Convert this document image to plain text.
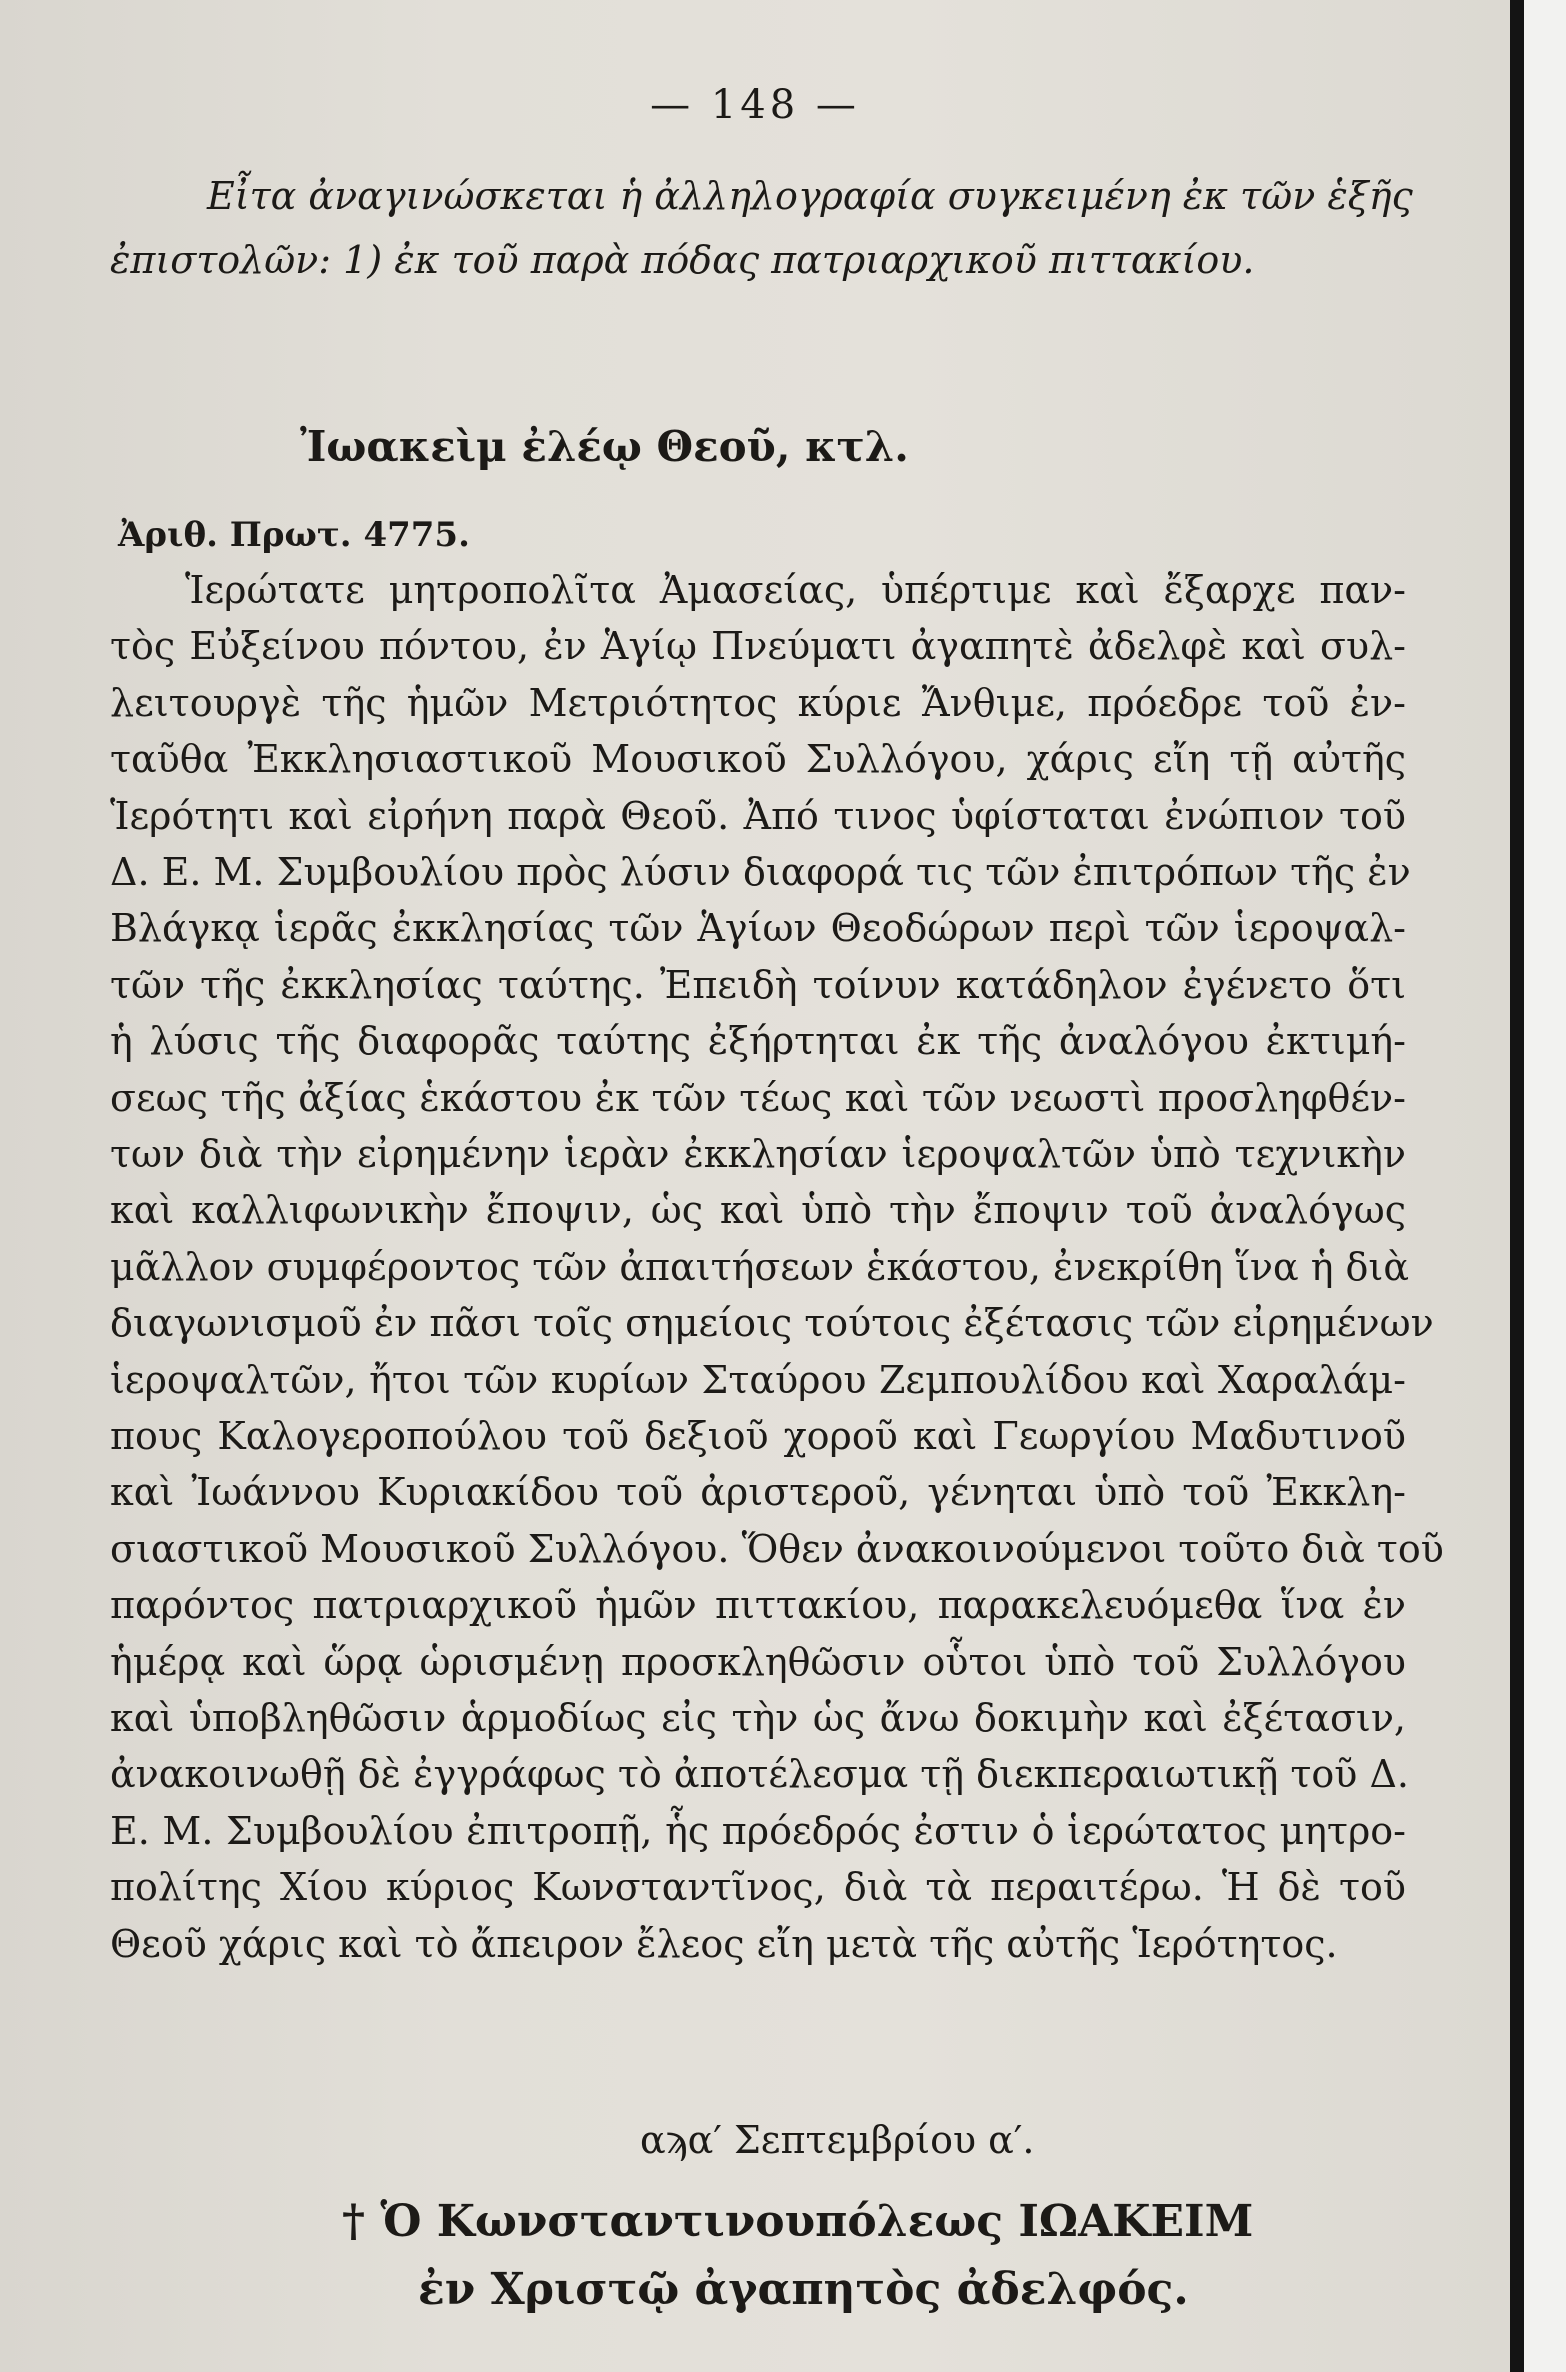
— 148 —
Εἶτα ἀναγινώσκεται ἡ ἀλληλογραφία συγκειμένη ἐκ τῶν ἑξῆς
ἐπιστολῶν: 1) ἐκ τοῦ παρὰ πόδας πατριαρχικοῦ πιττακίου.
Ἰωακεὶμ ἐλέῳ Θεοῦ, κτλ.
Ἀριθ. Πρωτ. 4775.
Ἱερώτατε μητροπολῖτα Ἀμασείας, ὑπέρτιμε καὶ ἔξαρχε παν-
τὸς Εὐξείνου πόντου, ἐν Ἁγίῳ Πνεύματι ἀγαπητὲ ἀδελφὲ καὶ συλ-
λειτουργὲ τῆς ἡμῶν Μετριότητος κύριε Ἄνθιμε, πρόεδρε τοῦ ἐν-
ταῦθα Ἐκκλησιαστικοῦ Μουσικοῦ Συλλόγου, χάρις εἴη τῇ αὐτῆς
Ἱερότητι καὶ εἰρήνη παρὰ Θεοῦ. Ἀπό τινος ὑφίσταται ἐνώπιον τοῦ
Δ. Ε. Μ. Συμβουλίου πρὸς λύσιν διαφορά τις τῶν ἐπιτρόπων τῆς ἐν
Βλάγκᾳ ἱερᾶς ἐκκλησίας τῶν Ἁγίων Θεοδώρων περὶ τῶν ἱεροψαλ-
τῶν τῆς ἐκκλησίας ταύτης. Ἐπειδὴ τοίνυν κατάδηλον ἐγένετο ὅτι
ἡ λύσις τῆς διαφορᾶς ταύτης ἐξήρτηται ἐκ τῆς ἀναλόγου ἐκτιμή-
σεως τῆς ἀξίας ἑκάστου ἐκ τῶν τέως καὶ τῶν νεωστὶ προσληφθέν-
των διὰ τὴν εἰρημένην ἱερὰν ἐκκλησίαν ἱεροψαλτῶν ὑπὸ τεχνικὴν
καὶ καλλιφωνικὴν ἔποψιν, ὡς καὶ ὑπὸ τὴν ἔποψιν τοῦ ἀναλόγως
μᾶλλον συμφέροντος τῶν ἀπαιτήσεων ἑκάστου, ἐνεκρίθη ἵνα ἡ διὰ
διαγωνισμοῦ ἐν πᾶσι τοῖς σημείοις τούτοις ἐξέτασις τῶν εἰρημένων
ἱεροψαλτῶν, ἤτοι τῶν κυρίων Σταύρου Ζεμπουλίδου καὶ Χαραλάμ-
πους Καλογεροπούλου τοῦ δεξιοῦ χοροῦ καὶ Γεωργίου Μαδυτινοῦ
καὶ Ἰωάννου Κυριακίδου τοῦ ἀριστεροῦ, γένηται ὑπὸ τοῦ Ἐκκλη-
σιαστικοῦ Μουσικοῦ Συλλόγου. Ὅθεν ἀνακοινούμενοι τοῦτο διὰ τοῦ
παρόντος πατριαρχικοῦ ἡμῶν πιττακίου, παρακελευόμεθα ἵνα ἐν
ἡμέρᾳ καὶ ὥρᾳ ὡρισμένῃ προσκληθῶσιν οὗτοι ὑπὸ τοῦ Συλλόγου
καὶ ὑποβληθῶσιν ἁρμοδίως εἰς τὴν ὡς ἄνω δοκιμὴν καὶ ἐξέτασιν,
ἀνακοινωθῇ δὲ ἐγγράφως τὸ ἀποτέλεσμα τῇ διεκπεραιωτικῇ τοῦ Δ.
Ε. Μ. Συμβουλίου ἐπιτροπῇ, ἧς πρόεδρός ἐστιν ὁ ἱερώτατος μητρο-
πολίτης Χίου κύριος Κωνσταντῖνος, διὰ τὰ περαιτέρω. Ἡ δὲ τοῦ
Θεοῦ χάρις καὶ τὸ ἄπειρον ἔλεος εἴη μετὰ τῆς αὐτῆς Ἱερότητος.
αϡα′ Σεπτεμβρίου α′.
† Ὁ Κωνσταντινουπόλεως ΙΩΑΚΕΙΜ
ἐν Χριστῷ ἀγαπητὸς ἀδελφός.
